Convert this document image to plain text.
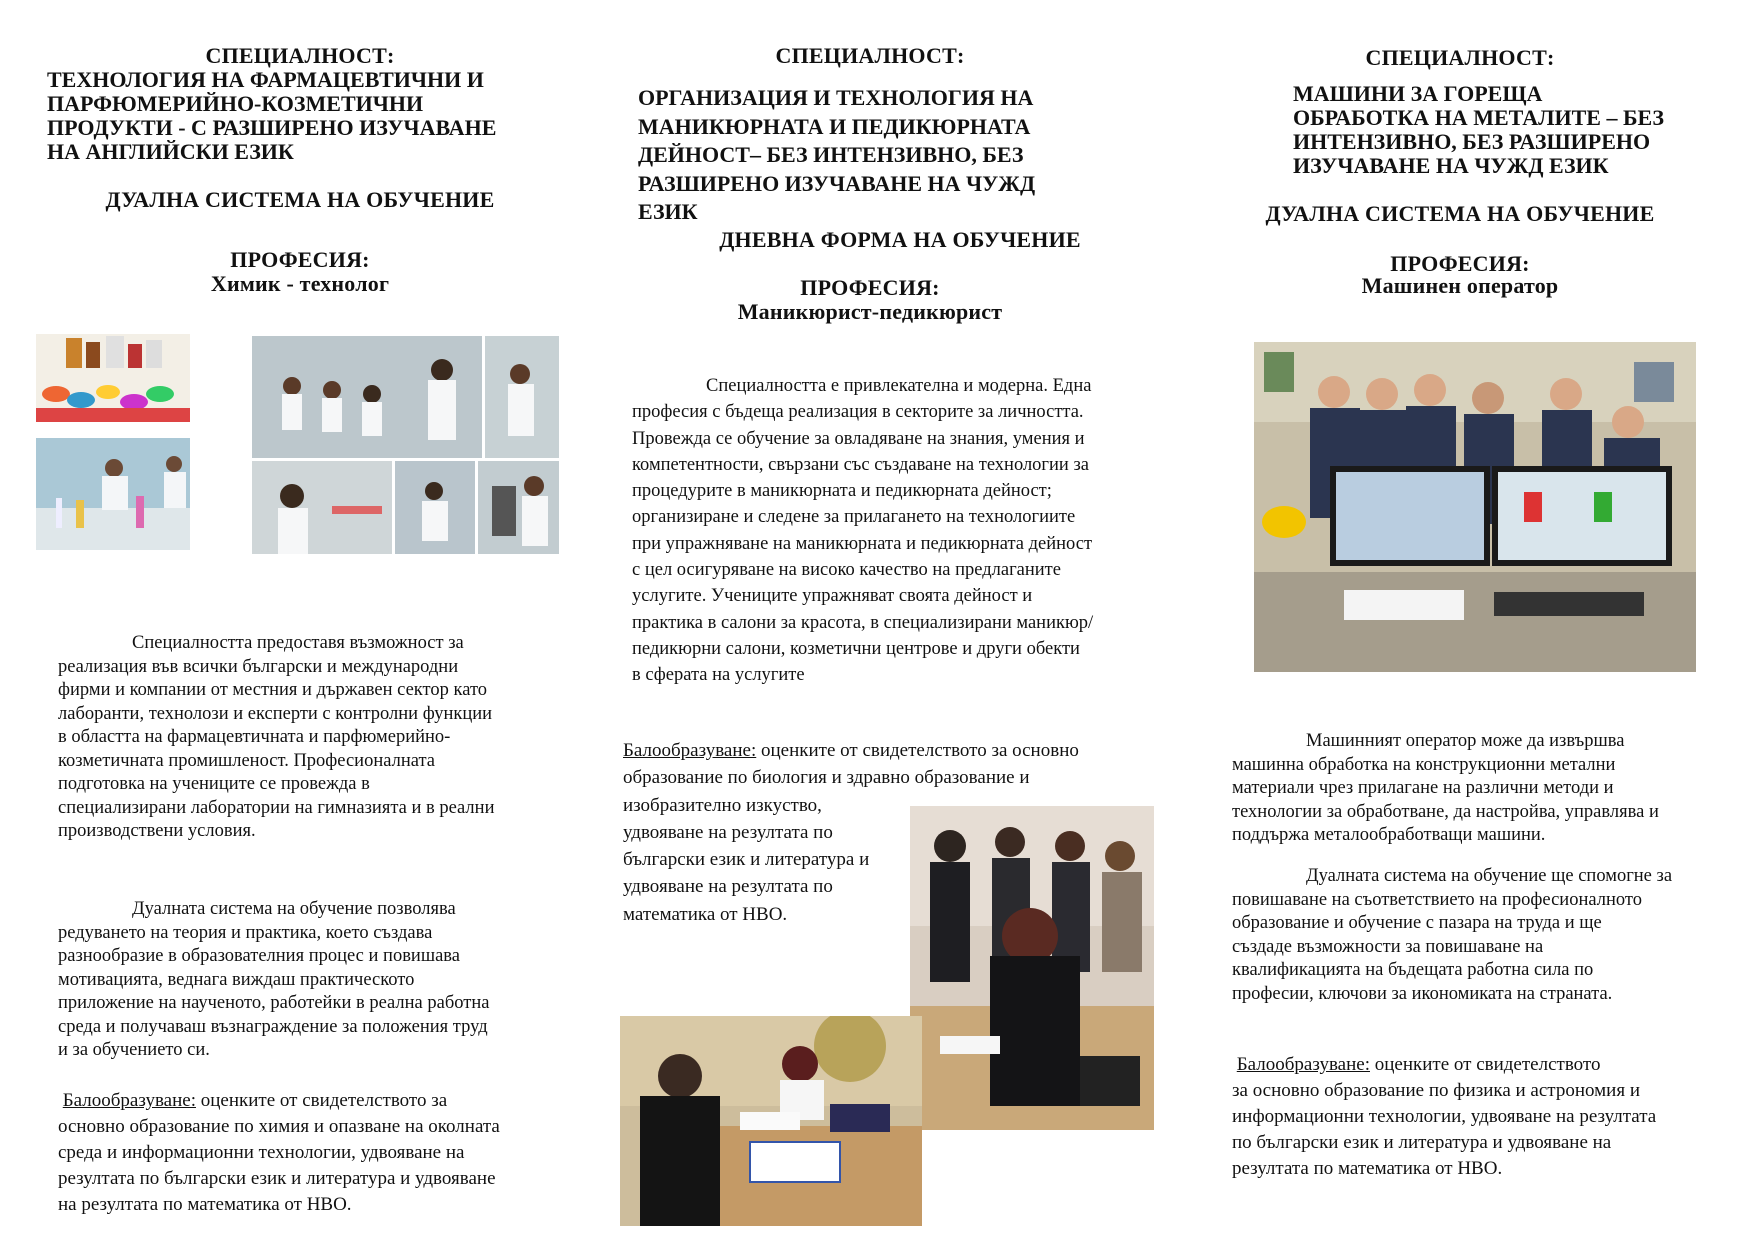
СПЕЦИАЛНОСТ:
ТЕХНОЛОГИЯ НА ФАРМАЦЕВТИЧНИ И
ПАРФЮМЕРИЙНО-КОЗМЕТИЧНИ
ПРОДУКТИ - С РАЗШИРЕНО ИЗУЧАВАНЕ
НА АНГЛИЙСКИ ЕЗИК
ДУАЛНА СИСТЕМА НА ОБУЧЕНИЕ
ПРОФЕСИЯ:
Химик - технолог
Специалността предоставя възможност за
реализация във всички български и международни
фирми и компании от местния и държавен сектор като
лаборанти, технолози и експерти с контролни функции
в областта на фармацевтичната и парфюмерийно-
козметичната промишленост. Професионалната
подготовка на учениците се провежда в
специализирани лаборатории на гимназията и в реални
производствени условия.
Дуалната система на обучение позволява
редуването на теория и практика, което създава
разнообразие в образователния процес и повишава
мотивацията, веднага виждаш практическото
приложение на наученото, работейки в реална работна
среда и получаваш възнаграждение за положения труд
и за обучението си.
Балообразуване: оценките от свидетелството за
основно образование по химия и опазване на околната
среда и информационни технологии, удвояване на
резултата по български език и литература и удвояване
на резултата по математика от НВО.
СПЕЦИАЛНОСТ:
ОРГАНИЗАЦИЯ И ТЕХНОЛОГИЯ НА
МАНИКЮРНАТА И ПЕДИКЮРНАТА
ДЕЙНОСТ– БЕЗ ИНТЕНЗИВНО, БЕЗ
РАЗШИРЕНО ИЗУЧАВАНЕ НА ЧУЖД
ЕЗИК
ДНЕВНА ФОРМА НА ОБУЧЕНИЕ
ПРОФЕСИЯ:
Маникюрист-педикюрист
Специалността е привлекателна и модерна. Една
професия с бъдеща реализация в секторите за личността.
Провежда се обучение за овладяване на знания, умения и
компетентности, свързани със създаване на технологии за
процедурите в маникюрната и педикюрната дейност;
организиране и следене за прилагането на технологиите
при упражняване на маникюрната и педикюрната дейност
с цел осигуряване на високо качество на предлаганите
услугите. Учениците упражняват своята дейност и
практика в салони за красота, в специализирани маникюр/
педикюрни салони, козметични центрове и други обекти
в сферата на услугите
Балообразуване: оценките от свидетелството за основно
образование по биология и здравно образование и
изобразително изкуство,
удвояване на резултата по
български език и литература и
удвояване на резултата по
математика от НВО.
СПЕЦИАЛНОСТ:
МАШИНИ ЗА ГОРЕЩА
ОБРАБОТКА НА МЕТАЛИТЕ – БЕЗ
ИНТЕНЗИВНО, БЕЗ РАЗШИРЕНО
ИЗУЧАВАНЕ НА ЧУЖД ЕЗИК
ДУАЛНА СИСТЕМА НА ОБУЧЕНИЕ
ПРОФЕСИЯ:
Машинен оператор
Машинният оператор може да извършва
машинна обработка на конструкционни метални
материали чрез прилагане на различни методи и
технологии за обработване, да настройва, управлява и
поддържа металообработващи машини.
Дуалната система на обучение ще спомогне за
повишаване на съответствието на професионалното
образование и обучение с пазара на труда и ще
създаде възможности за повишаване на
квалификацията на бъдещата работна сила по
професии, ключови за икономиката на страната.
Балообразуване: оценките от свидетелството
за основно образование по физика и астрономия и
информационни технологии, удвояване на резултата
по български език и литература и удвояване на
резултата по математика от НВО.
